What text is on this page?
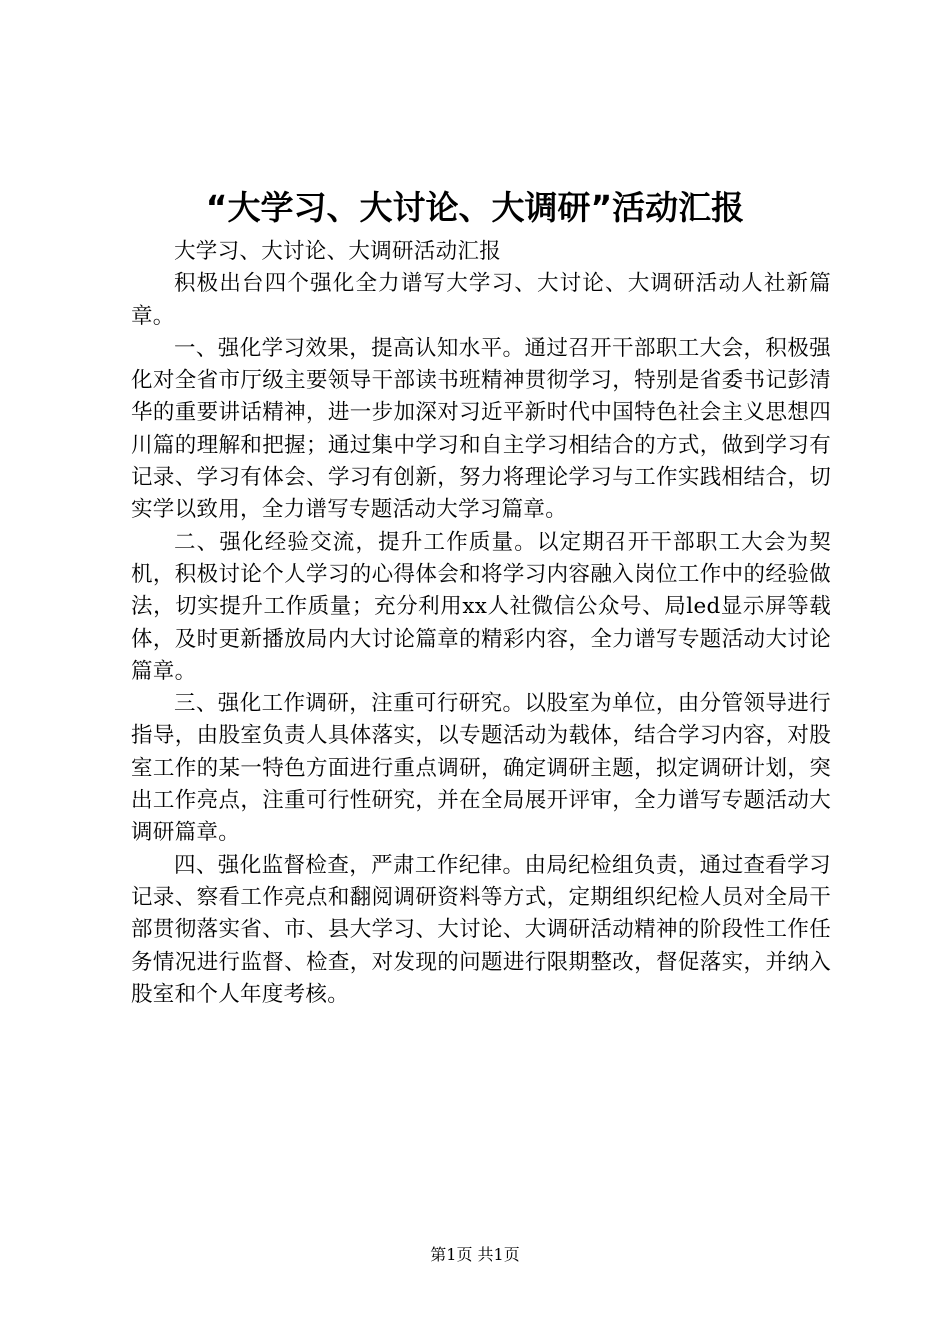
“大学习、大讨论、大调研”活动汇报

大学习、大讨论、大调研活动汇报

积极出台四个强化全力谱写大学习、大讨论、大调研活动人社新篇章。

一、强化学习效果，提高认知水平。通过召开干部职工大会，积极强化对全省市厅级主要领导干部读书班精神贯彻学习，特别是省委书记彭清华的重要讲话精神，进一步加深对习近平新时代中国特色社会主义思想四川篇的理解和把握；通过集中学习和自主学习相结合的方式，做到学习有记录、学习有体会、学习有创新，努力将理论学习与工作实践相结合，切实学以致用，全力谱写专题活动大学习篇章。

二、强化经验交流，提升工作质量。以定期召开干部职工大会为契机，积极讨论个人学习的心得体会和将学习内容融入岗位工作中的经验做法，切实提升工作质量；充分利用xx人社微信公众号、局led显示屏等载体，及时更新播放局内大讨论篇章的精彩内容，全力谱写专题活动大讨论篇章。

三、强化工作调研，注重可行研究。以股室为单位，由分管领导进行指导，由股室负责人具体落实，以专题活动为载体，结合学习内容，对股室工作的某一特色方面进行重点调研，确定调研主题，拟定调研计划，突出工作亮点，注重可行性研究，并在全局展开评审，全力谱写专题活动大调研篇章。

四、强化监督检查，严肃工作纪律。由局纪检组负责，通过查看学习记录、察看工作亮点和翻阅调研资料等方式，定期组织纪检人员对全局干部贯彻落实省、市、县大学习、大讨论、大调研活动精神的阶段性工作任务情况进行监督、检查，对发现的问题进行限期整改，督促落实，并纳入股室和个人年度考核。

第1页 共1页
